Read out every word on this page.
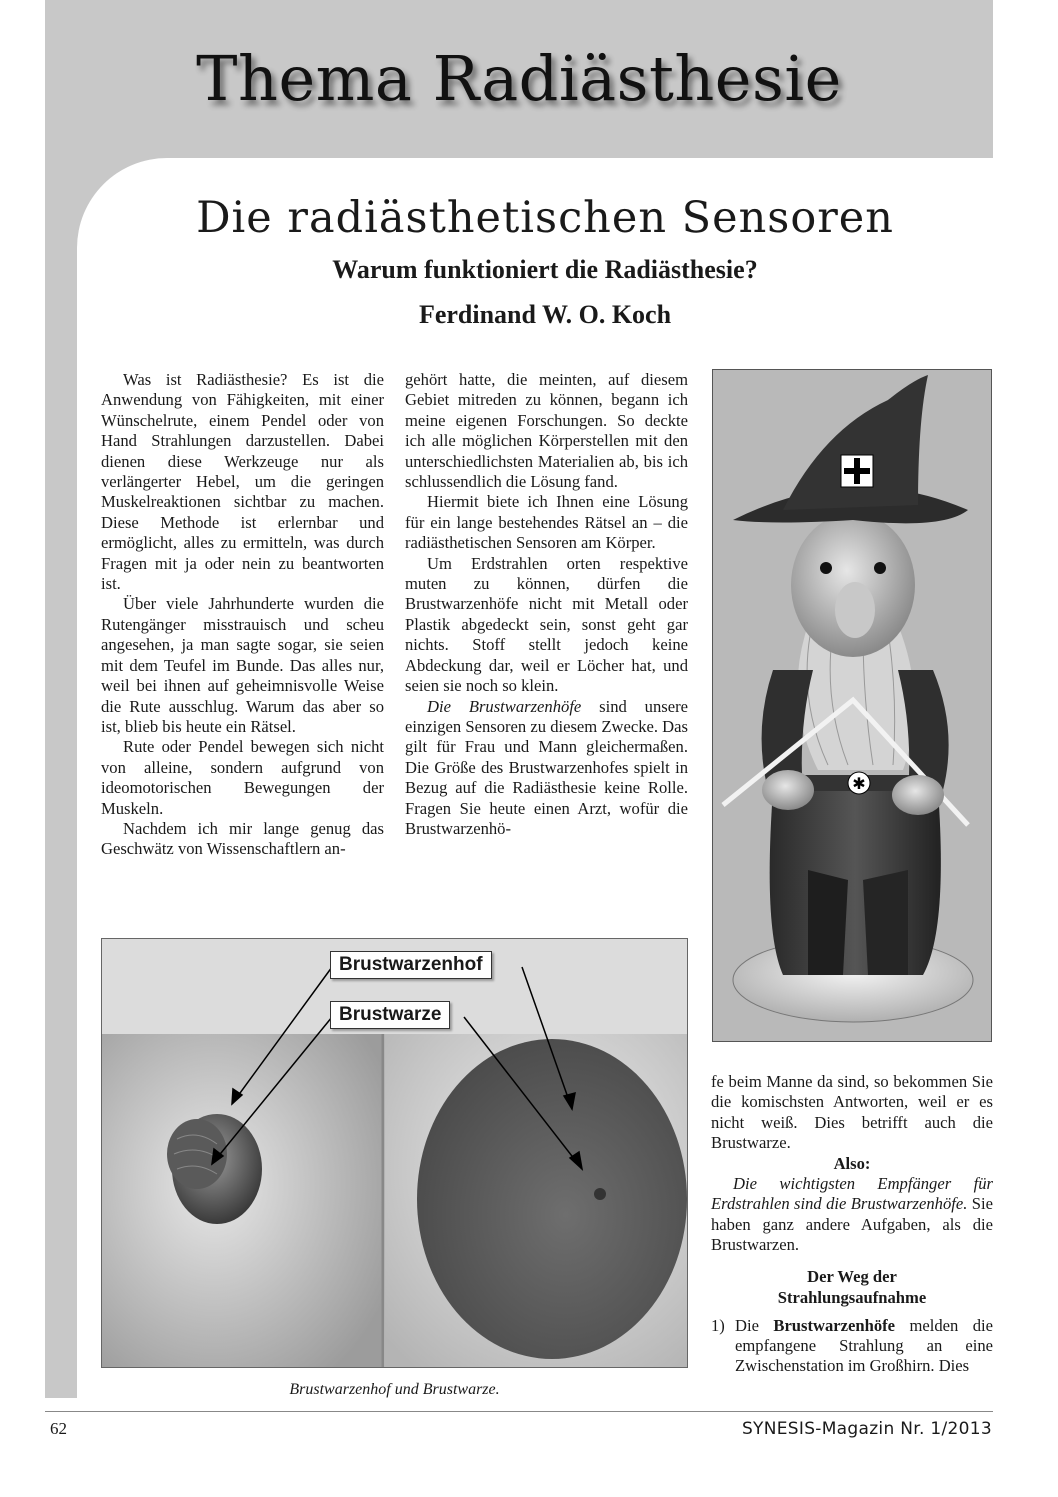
Thema Radiästhesie
Die radiästhetischen Sensoren
Warum funktioniert die Radiästhesie?
Ferdinand W. O. Koch

Was ist Radiästhesie? Es ist die Anwendung von Fähigkeiten, mit einer Wünschelrute, einem Pendel oder von Hand Strahlungen darzustellen. Dabei dienen diese Werkzeuge nur als verlängerter Hebel, um die geringen Muskelreaktionen sichtbar zu machen. Diese Methode ist erlernbar und ermöglicht, alles zu ermitteln, was durch Fragen mit ja oder nein zu beantworten ist.

Über viele Jahrhunderte wurden die Rutengänger misstrauisch und scheu angesehen, ja man sagte sogar, sie seien mit dem Teufel im Bunde. Das alles nur, weil bei ihnen auf geheimnisvolle Weise die Rute ausschlug. Warum das aber so ist, blieb bis heute ein Rätsel.

Rute oder Pendel bewegen sich nicht von alleine, sondern aufgrund von ideomotorischen Bewegungen der Muskeln.

Nachdem ich mir lange genug das Geschwätz von Wissenschaftlern an-

gehört hatte, die meinten, auf diesem Gebiet mitreden zu können, begann ich meine eigenen Forschungen. So deckte ich alle möglichen Körperstellen mit den unterschiedlichsten Materialien ab, bis ich schlussendlich die Lösung fand.

Hiermit biete ich Ihnen eine Lösung für ein lange bestehendes Rätsel an – die radiästhetischen Sensoren am Körper.

Um Erdstrahlen orten respektive muten zu können, dürfen die Brustwarzenhöfe nicht mit Metall oder Plastik abgedeckt sein, sonst geht gar nichts. Stoff stellt jedoch keine Abdeckung dar, weil er Löcher hat, und seien sie noch so klein.

Die Brustwarzenhöfe sind unsere einzigen Sensoren zu diesem Zwecke. Das gilt für Frau und Mann gleichermaßen. Die Größe des Brustwarzenhofes spielt in Bezug auf die Radiästhesie keine Rolle. Fragen Sie heute einen Arzt, wofür die Brustwarzenhö-

✱
Brustwarzenhof
Brustwarze
Brustwarzenhof und Brustwarze.

fe beim Manne da sind, so bekommen Sie die komischsten Antworten, weil er es nicht weiß. Dies betrifft auch die Brustwarze.

Also:

Die wichtigsten Empfänger für Erdstrahlen sind die Brustwarzenhöfe. Sie haben ganz andere Aufgaben, als die Brustwarzen.

Der Weg der
Strahlungsaufnahme

1) Die Brustwarzenhöfe melden die empfangene Strahlung an eine Zwischenstation im Großhirn. Dies

62	SYNESIS-Magazin Nr. 1/2013
